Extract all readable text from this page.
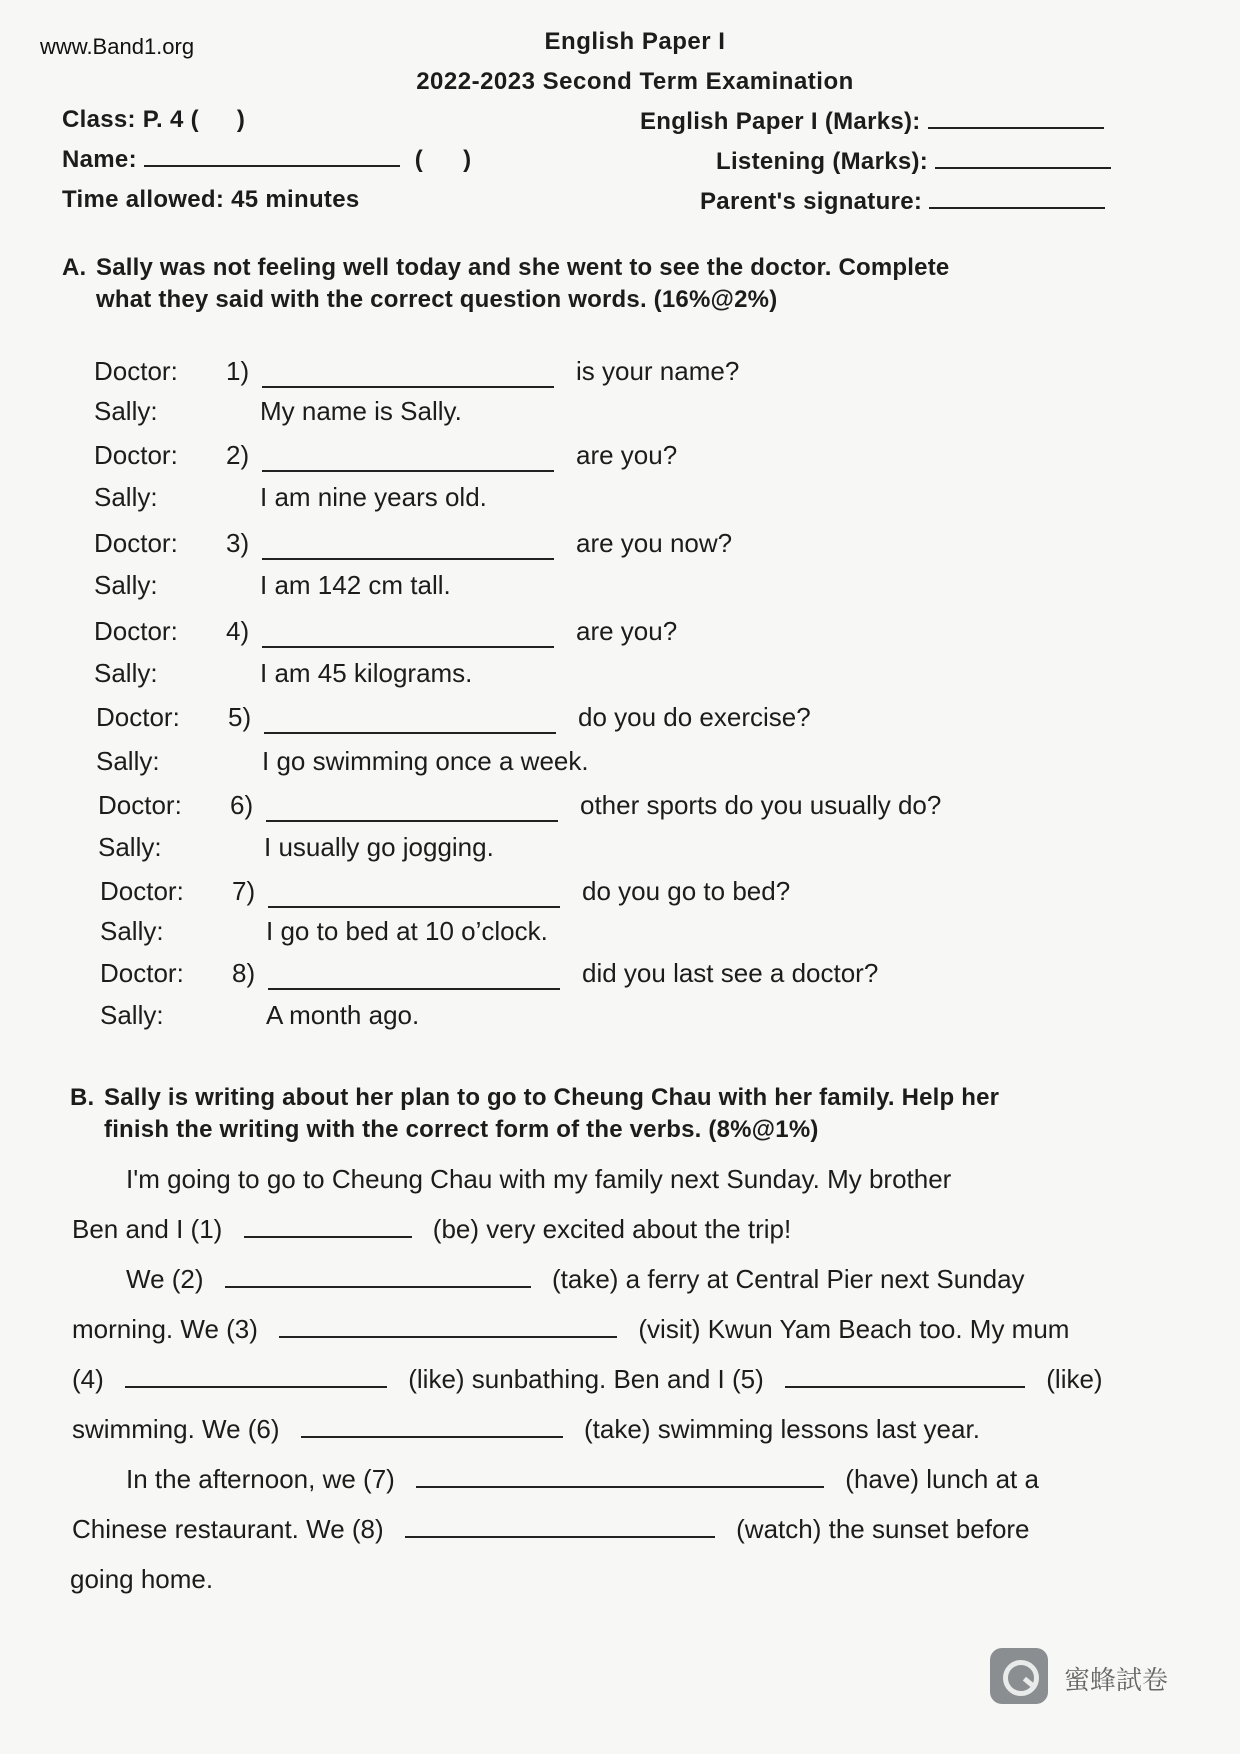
www.Band1.org	English Paper I
2022-2023 Second Term Examination
Class: P. 4 ( )
Name:	( )
Time allowed: 45 minutes
English Paper I (Marks):
Listening (Marks):
Parent's signature:
A. Sally was not feeling well today and she went to see the doctor. Complete
what they said with the correct question words. (16%@2%)
Doctor: 1)	is your name?
Sally:	My name is Sally.
Doctor: 2)	are you?
Sally:	I am nine years old.
Doctor: 3)	are you now?
Sally:	I am 142 cm tall.
Doctor: 4)	are you?
Sally:	I am 45 kilograms.
Doctor: 5)	do you do exercise?
Sally:	I go swimming once a week.
Doctor: 6)	other sports do you usually do?
Sally:	I usually go jogging.
Doctor: 7)	do you go to bed?
Sally:	I go to bed at 10 o’clock.
Doctor: 8)	did you last see a doctor?
Sally:	A month ago.
B. Sally is writing about her plan to go to Cheung Chau with her family. Help her
finish the writing with the correct form of the verbs. (8%@1%)
I'm going to go to Cheung Chau with my family next Sunday. My brother
Ben and I (1)	(be) very excited about the trip!
We (2)	(take) a ferry at Central Pier next Sunday
morning. We (3)	(visit) Kwun Yam Beach too. My mum
(4)	(like) sunbathing. Ben and I (5)	(like)
swimming. We (6)	(take) swimming lessons last year.
In the afternoon, we (7)	(have) lunch at a
Chinese restaurant. We (8)	(watch) the sunset before
going home.
蜜蜂試卷
